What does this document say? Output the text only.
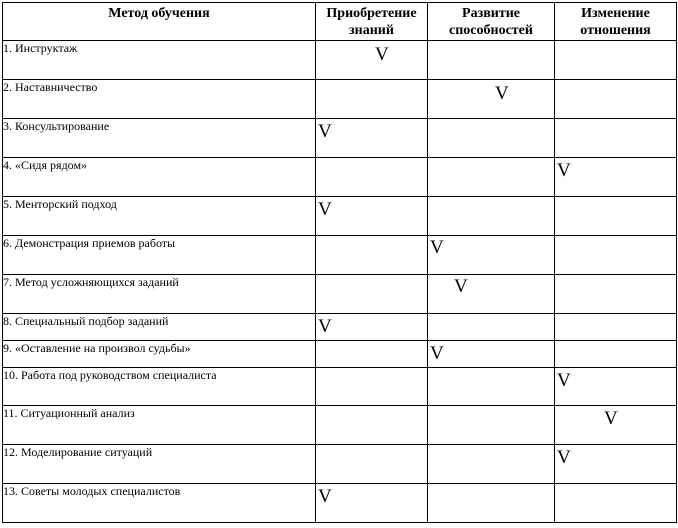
Метод обучения	Приобретение знаний	Развитие способностей	Изменение отношения
1. Инструктаж	V		

2. Наставничество		V	

3. Консультирование	V		

4. «Сидя рядом»			V

5. Менторский подход	V		

6. Демонстрация приемов работы		V	

7. Метод усложняющихся заданий		V	

8. Специальный подбор заданий	V		

9. «Оставление на произвол судьбы»		V	

10. Работа под руководством специалиста			V

11. Ситуационный анализ			V

12. Моделирование ситуаций			V

13. Советы молодых специалистов	V		
